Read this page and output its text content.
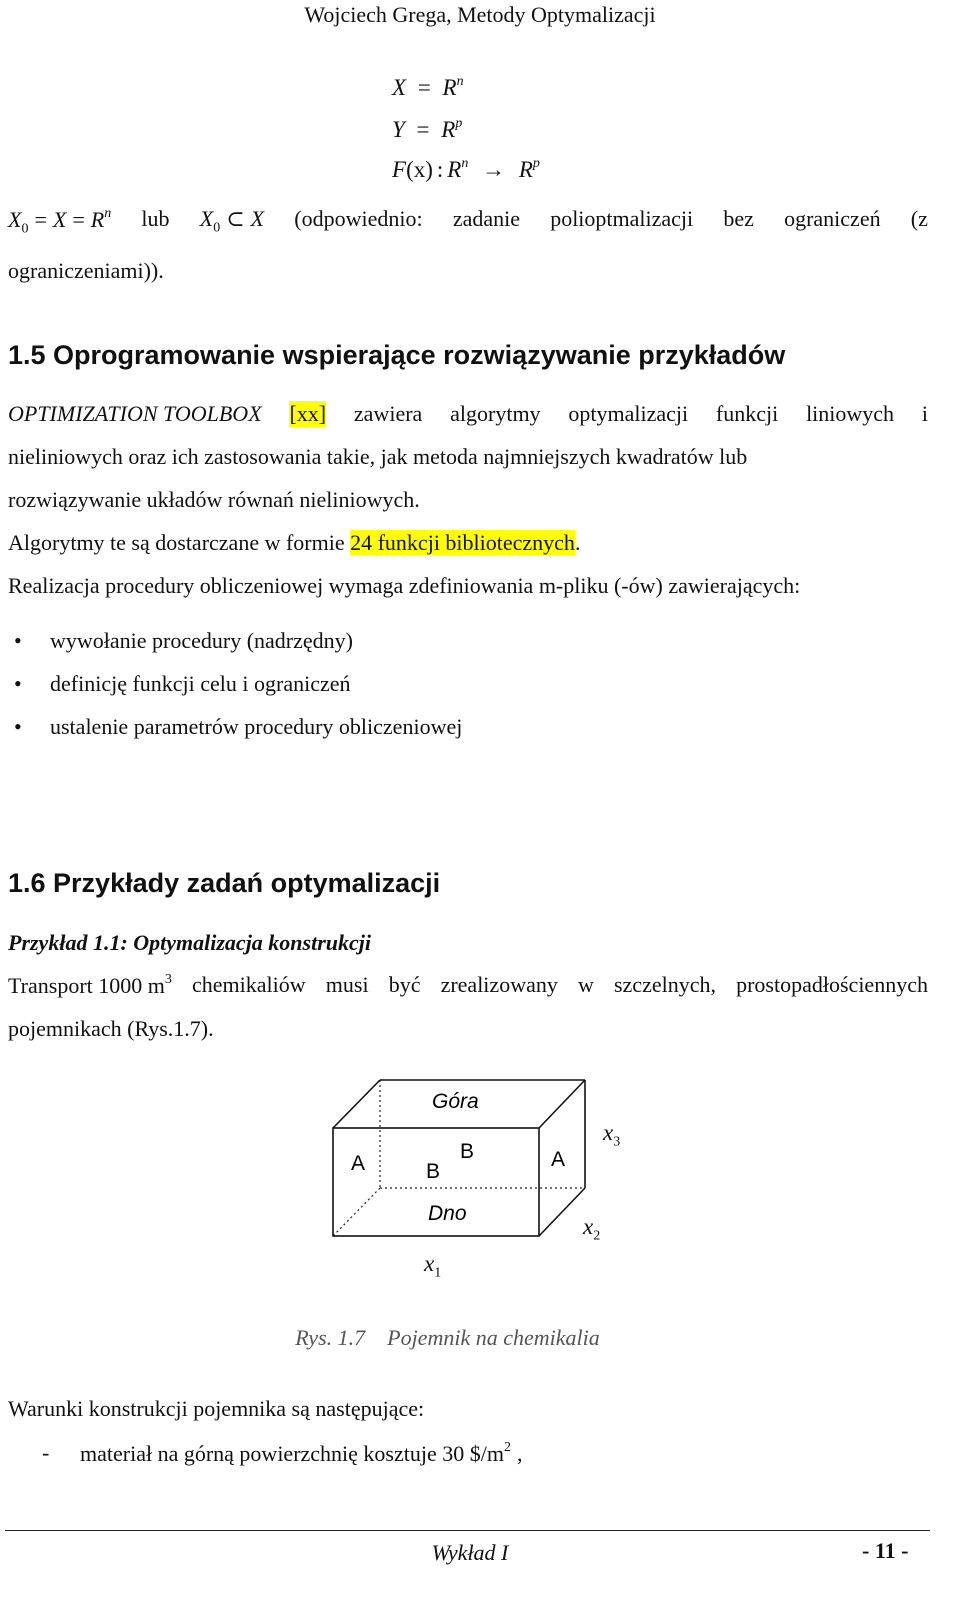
Wojciech Grega, Metody Optymalizacji
$X = R^n$
$Y = R^p$
F(x) : $R^n \to R^p$
$X_0 = X = R^n$ lub $X_0$ ⊂ X (odpowiednio: zadanie polioptmalizacji bez ograniczeń (z
ograniczeniami)).
1.5 Oprogramowanie wspierające rozwiązywanie przykładów
OPTIMIZATION TOOLBOX [xx] zawiera algorytmy optymalizacji funkcji liniowych i
nieliniowych oraz ich zastosowania takie, jak metoda najmniejszych kwadratów lub
rozwiązywanie układów równań nieliniowych.
Algorytmy te są dostarczane w formie 24 funkcji bibliotecznych.
Realizacja procedury obliczeniowej wymaga zdefiniowania m-pliku (-ów) zawierających:
• wywołanie procedury (nadrzędny)
• definicję funkcji celu i ograniczeń
• ustalenie parametrów procedury obliczeniowej
1.6 Przykłady zadań optymalizacji
Przykład 1.1: Optymalizacja konstrukcji
Transport 1000 $m^3$ chemikaliów musi być zrealizowany w szczelnych, prostopadłościennych
pojemnikach (Rys.1.7).
Góra
Dno
A	A
B
B
$x_3$
$x_2$
$x_1$
Rys. 1.7    Pojemnik na chemikalia
Warunki konstrukcji pojemnika są następujące:
- materiał na górną powierzchnię kosztuje 30 $\$/m^2$ ,
Wykład I	- 11 -
